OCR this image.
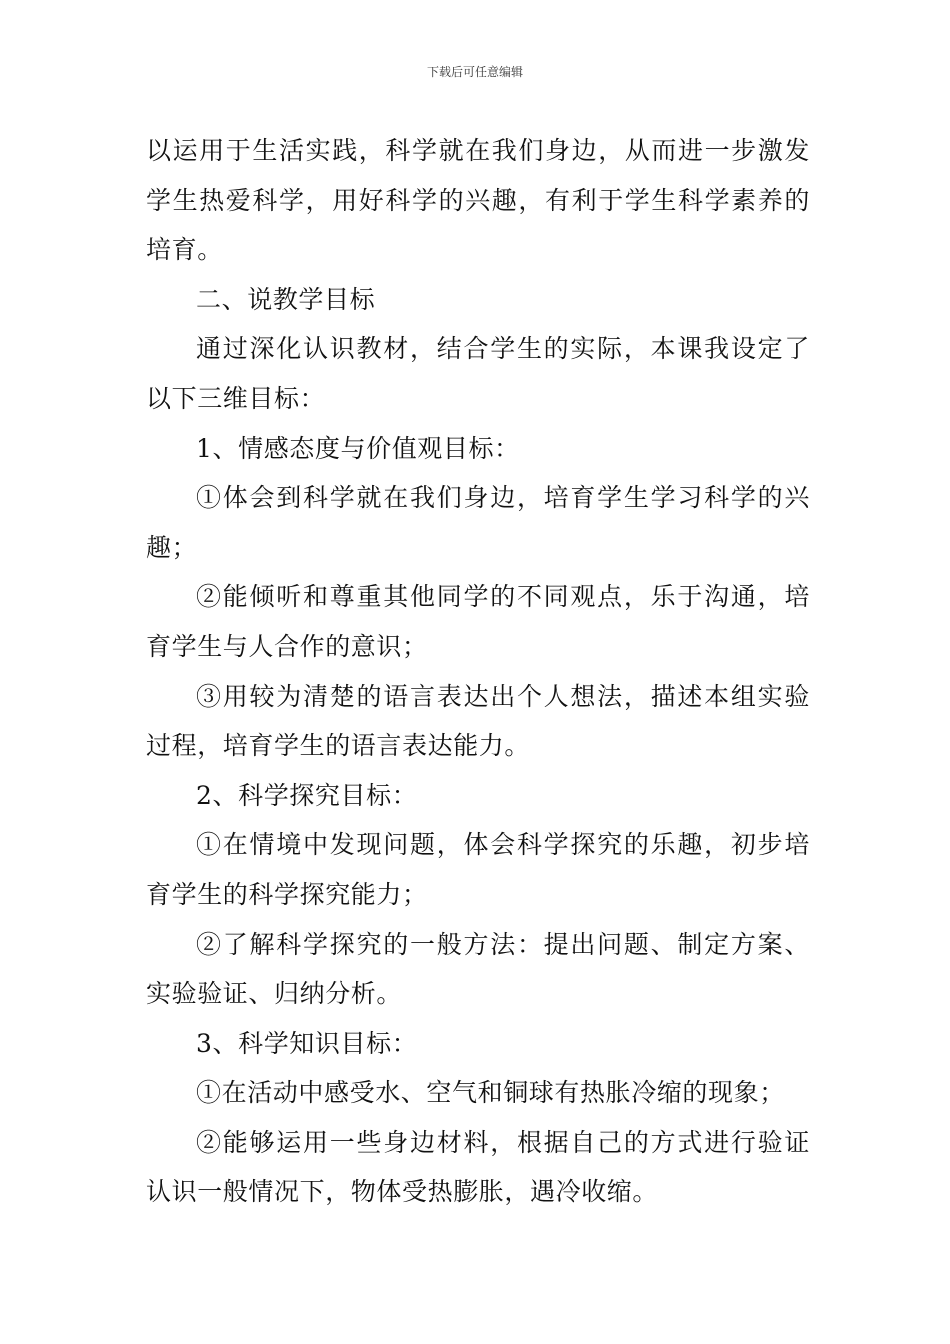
下载后可任意编辑

以运用于生活实践，科学就在我们身边，从而进一步激发学生热爱科学，用好科学的兴趣，有利于学生科学素养的培育。

二、说教学目标

通过深化认识教材，结合学生的实际，本课我设定了以下三维目标：

1、情感态度与价值观目标：

①体会到科学就在我们身边，培育学生学习科学的兴趣；

②能倾听和尊重其他同学的不同观点，乐于沟通，培育学生与人合作的意识；

③用较为清楚的语言表达出个人想法，描述本组实验过程，培育学生的语言表达能力。

2、科学探究目标：

①在情境中发现问题，体会科学探究的乐趣，初步培育学生的科学探究能力；

②了解科学探究的一般方法：提出问题、制定方案、实验验证、归纳分析。

3、科学知识目标：

①在活动中感受水、空气和铜球有热胀冷缩的现象；

②能够运用一些身边材料，根据自己的方式进行验证认识一般情况下，物体受热膨胀，遇冷收缩。
